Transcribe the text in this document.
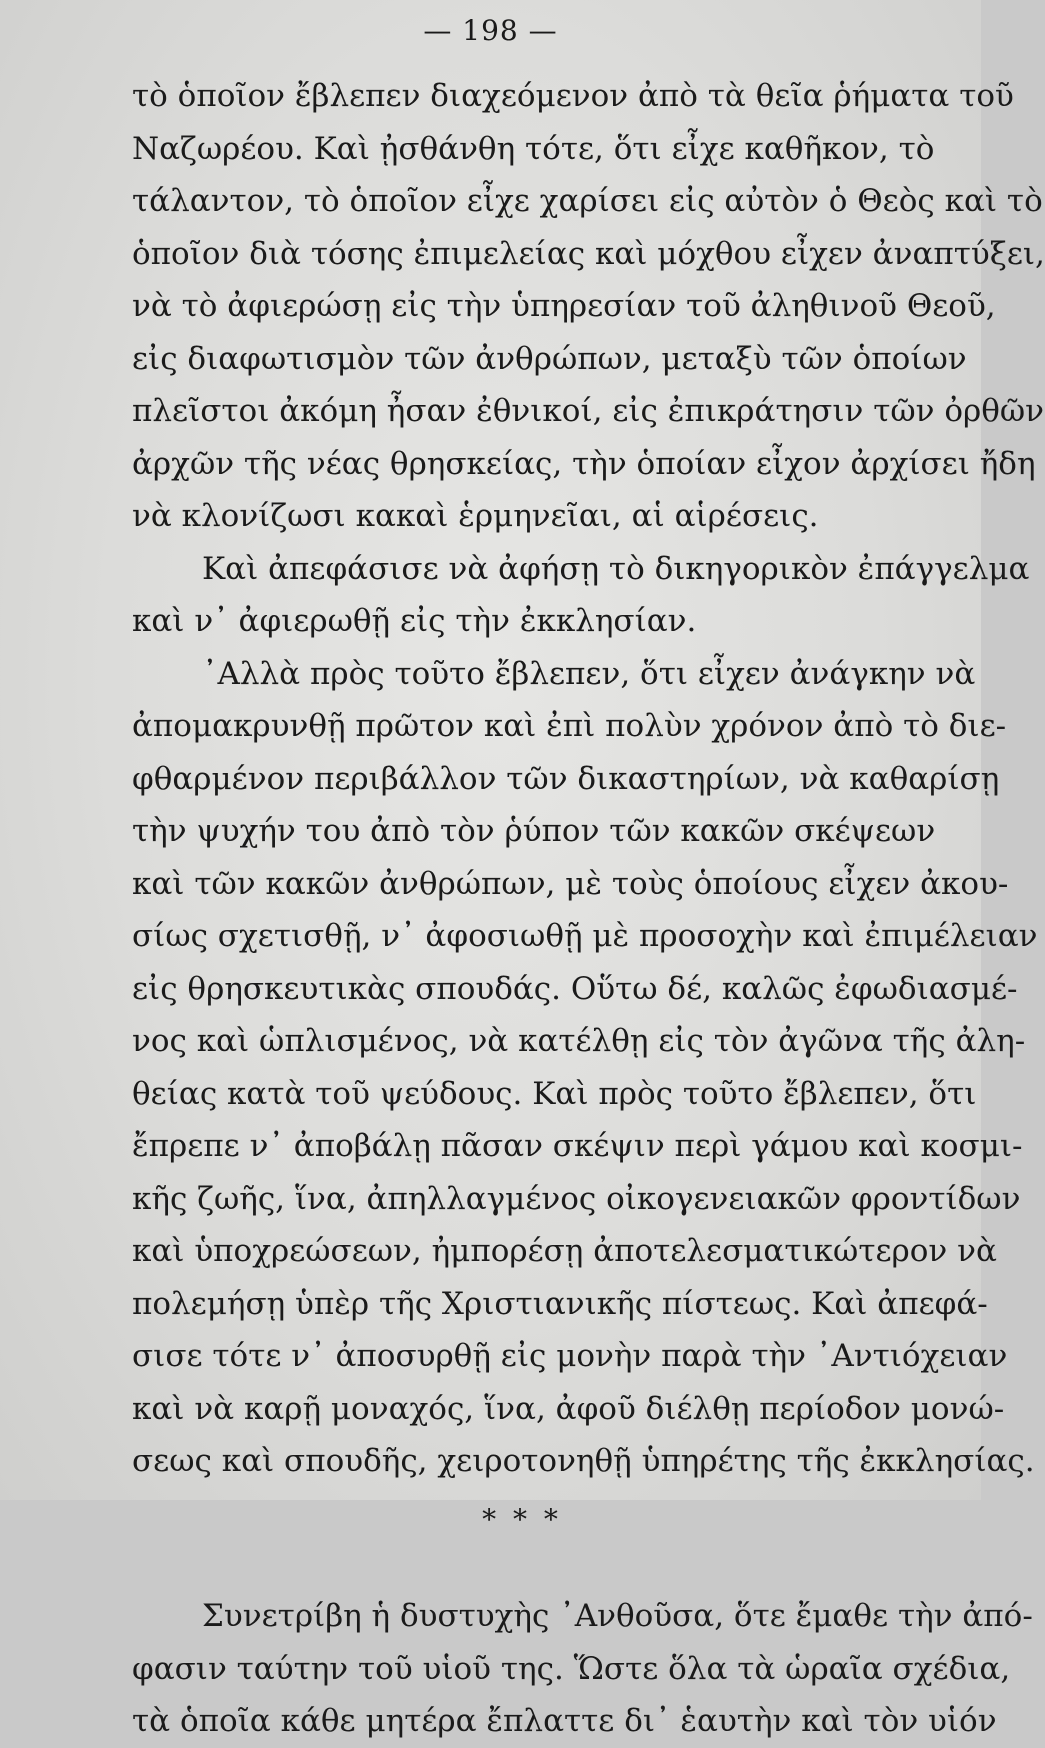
— 198 —
τὸ ὁποῖον ἔβλεπεν διαχεόμενον ἀπὸ τὰ θεῖα ῥήματα τοῦ
Ναζωρέου. Καὶ ᾐσθάνθη τότε, ὅτι εἶχε καθῆκον, τὸ
τάλαντον, τὸ ὁποῖον εἶχε χαρίσει εἰς αὐτὸν ὁ Θεὸς καὶ τὸ
ὁποῖον διὰ τόσης ἐπιμελείας καὶ μόχθου εἶχεν ἀναπτύξει,
νὰ τὸ ἀφιερώσῃ εἰς τὴν ὑπηρεσίαν τοῦ ἀληθινοῦ Θεοῦ,
εἰς διαφωτισμὸν τῶν ἀνθρώπων, μεταξὺ τῶν ὁποίων
πλεῖστοι ἀκόμη ἦσαν ἐθνικοί, εἰς ἐπικράτησιν τῶν ὀρθῶν
ἀρχῶν τῆς νέας θρησκείας, τὴν ὁποίαν εἶχον ἀρχίσει ἤδη
νὰ κλονίζωσι κακαὶ ἑρμηνεῖαι, αἱ αἱρέσεις.
Καὶ ἀπεφάσισε νὰ ἀφήσῃ τὸ δικηγορικὸν ἐπάγγελμα
καὶ ν᾽ ἀφιερωθῇ εἰς τὴν ἐκκλησίαν.
᾽Αλλὰ πρὸς τοῦτο ἔβλεπεν, ὅτι εἶχεν ἀνάγκην νὰ
ἀπομακρυνθῇ πρῶτον καὶ ἐπὶ πολὺν χρόνον ἀπὸ τὸ διε-
φθαρμένον περιβάλλον τῶν δικαστηρίων, νὰ καθαρίσῃ
τὴν ψυχήν του ἀπὸ τὸν ῥύπον τῶν κακῶν σκέψεων
καὶ τῶν κακῶν ἀνθρώπων, μὲ τοὺς ὁποίους εἶχεν ἀκου-
σίως σχετισθῇ, ν᾽ ἀφοσιωθῇ μὲ προσοχὴν καὶ ἐπιμέλειαν
εἰς θρησκευτικὰς σπουδάς. Οὕτω δέ, καλῶς ἐφωδιασμέ-
νος καὶ ὡπλισμένος, νὰ κατέλθῃ εἰς τὸν ἀγῶνα τῆς ἀλη-
θείας κατὰ τοῦ ψεύδους. Καὶ πρὸς τοῦτο ἔβλεπεν, ὅτι
ἔπρεπε ν᾽ ἀποβάλῃ πᾶσαν σκέψιν περὶ γάμου καὶ κοσμι-
κῆς ζωῆς, ἵνα, ἀπηλλαγμένος οἰκογενειακῶν φροντίδων
καὶ ὑποχρεώσεων, ἠμπορέσῃ ἀποτελεσματικώτερον νὰ
πολεμήσῃ ὑπὲρ τῆς Χριστιανικῆς πίστεως. Καὶ ἀπεφά-
σισε τότε ν᾽ ἀποσυρθῇ εἰς μονὴν παρὰ τὴν ᾽Αντιόχειαν
καὶ νὰ καρῇ μοναχός, ἵνα, ἀφοῦ διέλθῃ περίοδον μονώ-
σεως καὶ σπουδῆς, χειροτονηθῇ ὑπηρέτης τῆς ἐκκλησίας.
* * *
Συνετρίβη ἡ δυστυχὴς ᾽Ανθοῦσα, ὅτε ἔμαθε τὴν ἀπό-
φασιν ταύτην τοῦ υἱοῦ της. Ὥστε ὅλα τὰ ὡραῖα σχέδια,
τὰ ὁποῖα κάθε μητέρα ἔπλαττε δι᾽ ἑαυτὴν καὶ τὸν υἱόν
